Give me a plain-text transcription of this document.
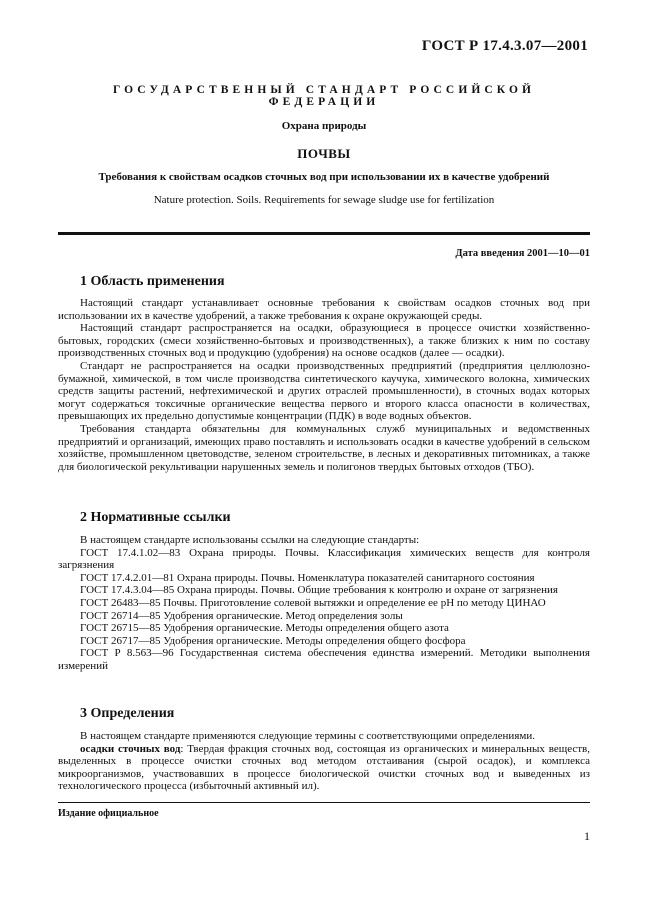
ГОСТ Р 17.4.3.07—2001
ГОСУДАРСТВЕННЫЙ СТАНДАРТ РОССИЙСКОЙ ФЕДЕРАЦИИ
Охрана природы
ПОЧВЫ
Требования к свойствам осадков сточных вод при использовании их в качестве удобрений
Nature protection. Soils. Requirements for sewage sludge use for fertilization
Дата введения 2001—10—01
1 Область применения

Настоящий стандарт устанавливает основные требования к свойствам осадков сточных вод при использовании их в качестве удобрений, а также требования к охране окружающей среды.

Настоящий стандарт распространяется на осадки, образующиеся в процессе очистки хозяйственно-бытовых, городских (смеси хозяйственно-бытовых и производственных), а также близких к ним по составу производственных сточных вод и продукцию (удобрения) на основе осадков (далее — осадки).

Стандарт не распространяется на осадки производственных предприятий (предприятия целлюлозно-бумажной, химической, в том числе производства синтетического каучука, химического волокна, химических средств защиты растений, нефтехимической и других отраслей промышленности), в сточных водах которых могут содержаться токсичные органические вещества первого и второго класса опасности в количествах, превышающих их предельно допустимые концентрации (ПДК) в воде водных объектов.

Требования стандарта обязательны для коммунальных служб муниципальных и ведомственных предприятий и организаций, имеющих право поставлять и использовать осадки в качестве удобрений в сельском хозяйстве, промышленном цветоводстве, зеленом строительстве, в лесных и декоративных питомниках, а также для биологической рекультивации нарушенных земель и полигонов твердых бытовых отходов (ТБО).

2 Нормативные ссылки

В настоящем стандарте использованы ссылки на следующие стандарты:

ГОСТ 17.4.1.02—83 Охрана природы. Почвы. Классификация химических веществ для контроля загрязнения

ГОСТ 17.4.2.01—81 Охрана природы. Почвы. Номенклатура показателей санитарного состояния

ГОСТ 17.4.3.04—85 Охрана природы. Почвы. Общие требования к контролю и охране от загрязнения

ГОСТ 26483—85 Почвы. Приготовление солевой вытяжки и определение ее pH по методу ЦИНАО

ГОСТ 26714—85 Удобрения органические. Метод определения золы

ГОСТ 26715—85 Удобрения органические. Методы определения общего азота

ГОСТ 26717—85 Удобрения органические. Методы определения общего фосфора

ГОСТ Р 8.563—96 Государственная система обеспечения единства измерений. Методики выполнения измерений

3 Определения

В настоящем стандарте применяются следующие термины с соответствующими определениями.

осадки сточных вод: Твердая фракция сточных вод, состоящая из органических и минеральных веществ, выделенных в процессе очистки сточных вод методом отстаивания (сырой осадок), и комплекса микроорганизмов, участвовавших в процессе биологической очистки сточных вод и выведенных из технологического процесса (избыточный активный ил).

Издание официальное
1
